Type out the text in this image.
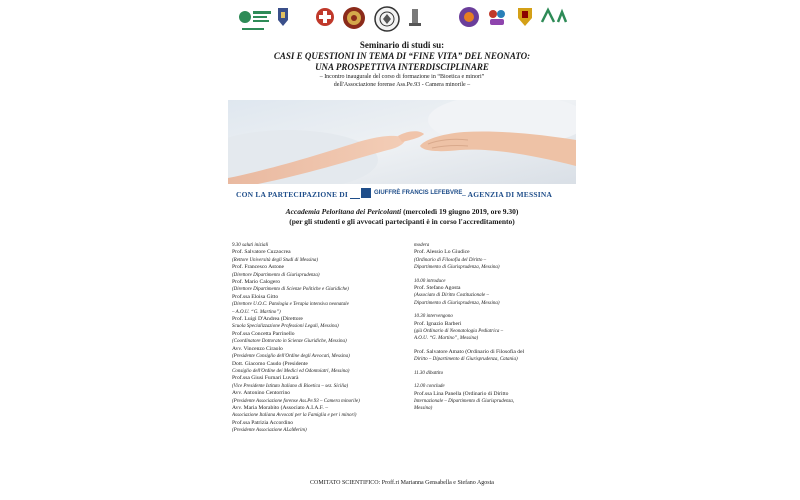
Seminario di studi su:
CASI E QUESTIONI IN TEMA DI “FINE VITA” DEL NEONATO:
UNA PROSPETTIVA INTERDISCIPLINARE
– Incontro inaugurale del corso di formazione in “Bioetica e minori”
dell'Associazione forense Ass.Pe.93 - Camera minorile –
CON LA PARTECIPAZIONE DI	GIUFFRÈ FRANCIS LEFEBVRE – AGENZIA DI MESSINA
Accademia Peloritana dei Pericolanti (mercoledì 19 giugno 2019, ore 9.30)
(per gli studenti e gli avvocati partecipanti è in corso l'accreditamento)
9.30 saluti iniziali
Prof. Salvatore Cuzzocrea
(Rettore Università degli Studi di Messina)
Prof. Francesco Astone
(Direttore Dipartimento di Giurisprudenza)
Prof. Mario Calogero
(Direttore Dipartimento di Scienze Politiche e Giuridiche)
Prof.ssa Eloisa Gitto
(Direttore U.O.C. Patologia e Terapia intensiva neonatale
– A.O.U. “G. Martino”)
Prof. Luigi D'Andrea (Direttore
Scuola Specializzazione Professioni Legali, Messina)
Prof.ssa Concetta Parrinello
(Coordinatore Dottorato in Scienze Giuridiche, Messina)
Avv. Vincenzo Ciraolo
(Presidente Consiglio dell'Ordine degli Avvocati, Messina)
Dott. Giacomo Caudo (Presidente
Consiglio dell'Ordine dei Medici ed Odontoiatri, Messina)
Prof.ssa Giusi Furnari Luvarà
(Vice Presidente Istituto Italiano di Bioetica – sez. Sicilia)
Avv. Antonino Centorrino
(Presidente Associazione forense Ass.Pe.93 – Camera minorile)
Avv. Maria Morabito (Associato A.I.A.F. –
Associazione Italiana Avvocati per la Famiglia e per i minori)
Prof.ssa Patrizia Accordino
(Presidente Associazione ALaMerim)
modera
Prof. Alessio Lo Giudice
(Ordinario di Filosofia del Diritto –
Dipartimento di Giurisprudenza, Messina)
10.00 introduce
Prof. Stefano Agosta
(Associato di Diritto Costituzionale –
Dipartimento di Giurisprudenza, Messina)
10.30 intervengono
Prof. Ignazio Barberi
(già Ordinario di Neonatologia Pediatrica –
A.O.U. “G. Martino”, Messina)
Prof. Salvatore Amato (Ordinario di Filosofia del
Diritto – Dipartimento di Giurisprudenza, Catania)
11.30 dibattito
12.00 conclude
Prof.ssa Lina Panella (Ordinario di Diritto
Internazionale – Dipartimento di Giurisprudenza,
Messina)
COMITATO SCIENTIFICO: Proff.ri Marianna Gensabella e Stefano Agosta
